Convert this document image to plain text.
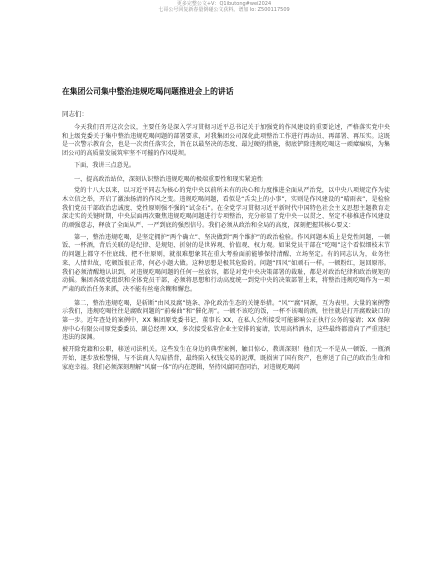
更多完整公文+V：Q1ibutong#wei2024
七哥公号回复新春量倒碰公文获料。谱加 lo: Z500117509
在集团公司集中整治违规吃喝问题推进会上的讲话
同志们：

今天我们召开这次会议，主要任务是深入学习贯彻习近平总书记关于加强党的作风建设的重要论述，严格落实党中央和上级党委关于集中整治违规吃喝问题的部署要求，对我集团公司深化此项整治工作进行再动员、再部署、再压实。这既是一次警示教育会，也是一次责任落实会，旨在以最坚决的态度、最过硬的措施，彻底铲除违规吃喝这一顽瘴痼疾，为集团公司的高质量发展筑牢坚不可摧的作风堤坝。

下面，我讲三点意见。

一、提高政治站位，深刻认识整治违规吃喝的极端重要性和现实紧迫性

党的十八大以来，以习近平同志为核心的党中央以前所未有的决心和力度推进全面从严治党，以中央八项规定作为徒木立信之举，开启了激浊扬清的作风之变。违规吃喝问题，看似是“舌尖上的小事”，实则是作风建设的“晴雨表”，是检验我们党员干部政治忠诚度、党性原则强不强的“试金石”。在全党学习贯彻习近平新时代中国特色社会主义思想主题教育走深走实的关键时期，中央层面再次聚焦违规吃喝问题进行专项整治，充分彰显了党中央一以贯之、坚定不移推进作风建设的顽强意志，释放了全面从严、一严到底的强烈信号。我们必须从政治和全局的高度，深刻把握其核心要义：

第一，整治违规吃喝，是坚定拥护“两个确立”、坚决做到“两个维护”的政治检验。作风问题本质上是党性问题，一顿饭、一杯酒，背后关联的是纪律、是规矩、折射的是世界观、价值观、权力观。如果党员干部在“吃喝”这个看似细枝末节的问题上都守不住底线、把不住原则，就很难想象其在重大考验面前能够保持清醒、立场坚定。有的同志认为，业务往来、人情世故，吃顿饭很正常，何必小题大做。这种思想是极其危险的。问题“四风”如顽石一样。一顿粉红，退回原形。我们必须清醒地认识到，对违规吃喝问题的任何一丝放容，都是对党中央决策部署的裁耻，都是对政治纪律和政治规矩的动摇。集团各级党组织和全体党员干部，必须将思想和行动高度统一到党中央的决策部署上来，将整治违规吃喝作为一项严肃的政治任务来抓，决不能有丝毫含糊和懈怠。

第二，整治违规吃喝，是斩断“由风及腐”链条、净化政治生态的关键举措。“风”“腐”同源，互为表里。大量的案例警示我们，违规吃喝往往是腐败问题的“前奏曲”和“催化剂”。一顿不该吃的饭，一杯不该喝的酒，往往就是打开腐败缺口的第一步。近年查处的案例中，XX 集团原党委书记、董事长 XX，在私人会所接受可能影响公正执行公务的宴请；XX 保障房中心有限公司原党委委员、副总经理 XX，多次接受私营企业主安排的宴请，饮用高档酒水，这些最终都滑向了严重违纪违法的深渊。

被开除党籍和公职，移送司法机关。这些发生在身边的典型案例，触目惊心，教训深刻！他们无一不是从一顿饭、一瓶酒开始，逐步放松警惕，与不法商人勾肩搭背，最终陷入权钱交易的泥潭，既损害了国有资产，也葬送了自己的政治生命和家庭幸福。我们必须深刻理解“风腐一体”的内在逻辑，坚持风腐同查同治，对违规吃喝问
